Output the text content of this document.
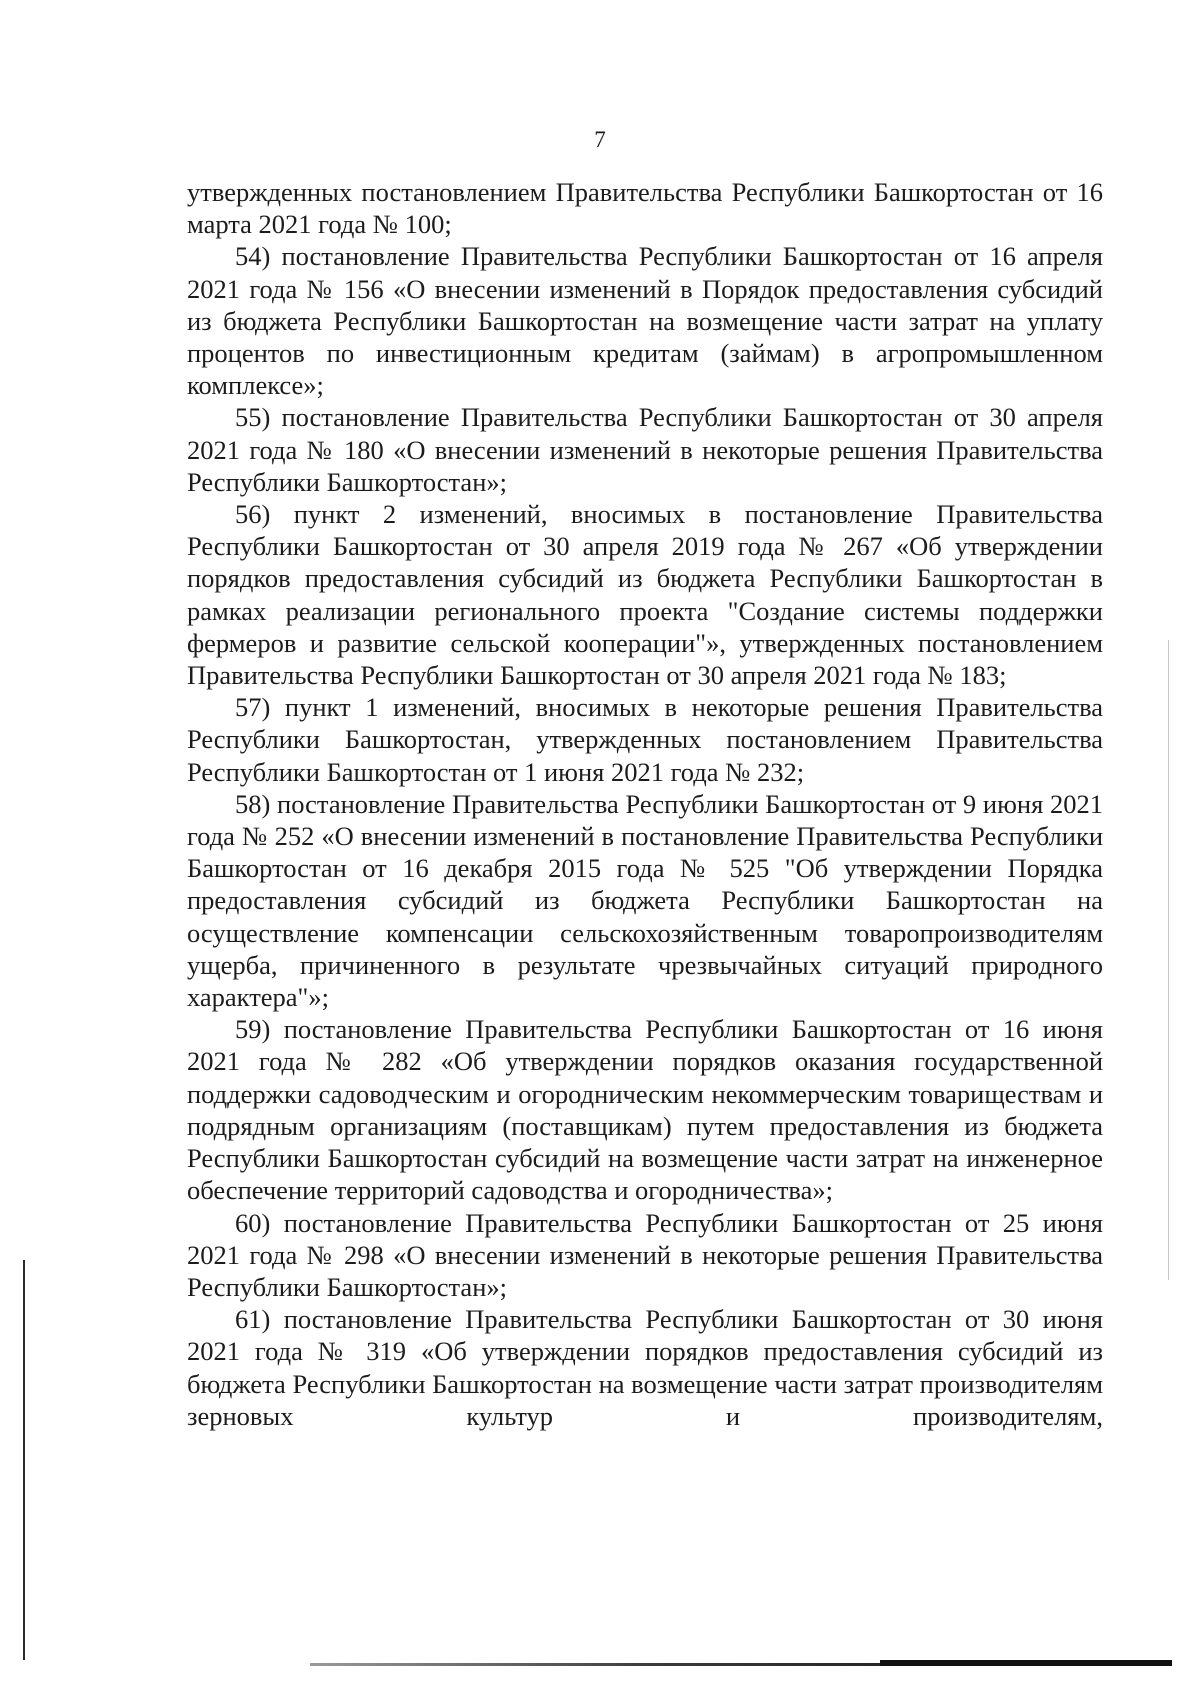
7

утвержденных постановлением Правительства Республики Башкортостан от 16 марта 2021 года № 100;

54) постановление Правительства Республики Башкортостан от 16 апреля 2021 года № 156 «О внесении изменений в Порядок предоставления субсидий из бюджета Республики Башкортостан на возмещение части затрат на уплату процентов по инвестиционным кредитам (займам) в агропромышленном комплексе»;

55) постановление Правительства Республики Башкортостан от 30 апреля 2021 года № 180 «О внесении изменений в некоторые решения Правительства Республики Башкортостан»;

56) пункт 2 изменений, вносимых в постановление Правительства Республики Башкортостан от 30 апреля 2019 года № 267 «Об утверждении порядков предоставления субсидий из бюджета Республики Башкортостан в рамках реализации регионального проекта "Создание системы поддержки фермеров и развитие сельской кооперации"», утвержденных постановлением Правительства Республики Башкортостан от 30 апреля 2021 года № 183;

57) пункт 1 изменений, вносимых в некоторые решения Правительства Республики Башкортостан, утвержденных постановлением Правительства Республики Башкортостан от 1 июня 2021 года № 232;

58) постановление Правительства Республики Башкортостан от 9 июня 2021 года № 252 «О внесении изменений в постановление Правительства Республики Башкортостан от 16 декабря 2015 года № 525 "Об утверждении Порядка предоставления субсидий из бюджета Республики Башкортостан на осуществление компенсации сельскохозяйственным товаропроизводителям ущерба, причиненного в результате чрезвычайных ситуаций природного характера"»;

59) постановление Правительства Республики Башкортостан от 16 июня 2021 года № 282 «Об утверждении порядков оказания государственной поддержки садоводческим и огородническим некоммерческим товариществам и подрядным организациям (поставщикам) путем предоставления из бюджета Республики Башкортостан субсидий на возмещение части затрат на инженерное обеспечение территорий садоводства и огородничества»;

60) постановление Правительства Республики Башкортостан от 25 июня 2021 года № 298 «О внесении изменений в некоторые решения Правительства Республики Башкортостан»;

61) постановление Правительства Республики Башкортостан от 30 июня 2021 года № 319 «Об утверждении порядков предоставления субсидий из бюджета Республики Башкортостан на возмещение части затрат производителям зерновых культур и производителям,
